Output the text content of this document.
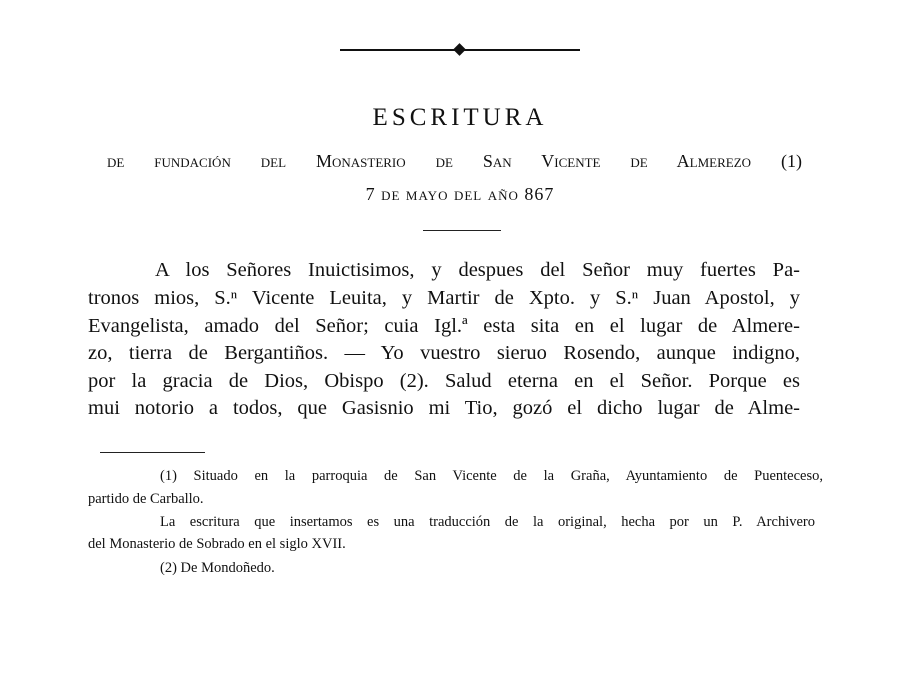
ESCRITURA
de fundación del Monasterio de San Vicente de Almerezo (1)
7 de mayo del año 867
A los Señores Inuictisimos, y despues del Señor muy fuertes Pa-
tronos mios, S.ⁿ Vicente Leuita, y Martir de Xpto. y S.ⁿ Juan Apostol, y
Evangelista, amado del Señor; cuia Igl.ª esta sita en el lugar de Almere-
zo, tierra de Bergantiños. — Yo vuestro sieruo Rosendo, aunque indigno,
por la gracia de Dios, Obispo (2). Salud eterna en el Señor. Porque es
mui notorio a todos, que Gasisnio mi Tio, gozó el dicho lugar de Alme-
(1) Situado en la parroquia de San Vicente de la Graña, Ayuntamiento de Puenteceso,
partido de Carballo.
La escritura que insertamos es una traducción de la original, hecha por un P. Archivero
del Monasterio de Sobrado en el siglo XVII.
(2) De Mondoñedo.
